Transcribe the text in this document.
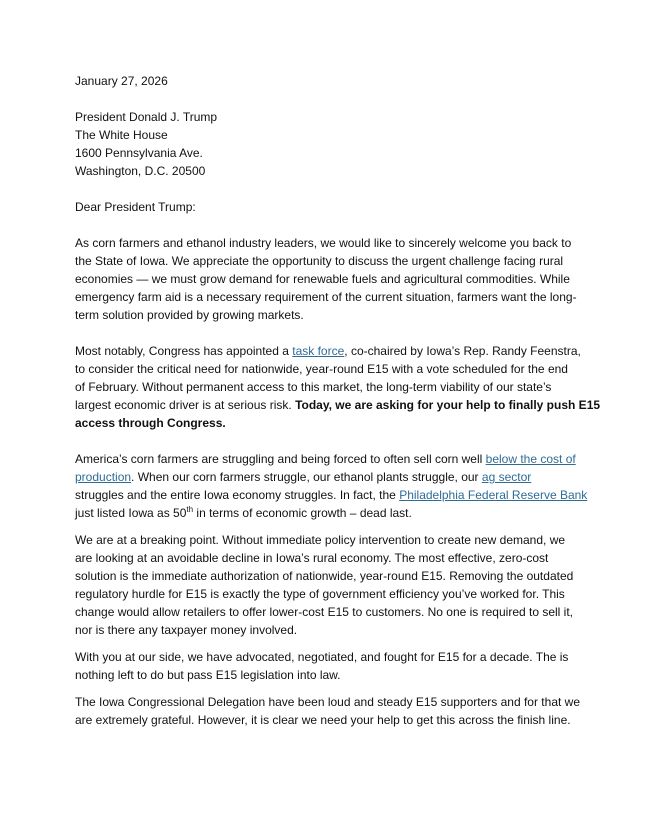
January 27, 2026
President Donald J. Trump
The White House
1600 Pennsylvania Ave.
Washington, D.C. 20500
Dear President Trump:
As corn farmers and ethanol industry leaders, we would like to sincerely welcome you back to
the State of Iowa. We appreciate the opportunity to discuss the urgent challenge facing rural
economies — we must grow demand for renewable fuels and agricultural commodities. While
emergency farm aid is a necessary requirement of the current situation, farmers want the long-
term solution provided by growing markets.
Most notably, Congress has appointed a task force, co-chaired by Iowa’s Rep. Randy Feenstra,
to consider the critical need for nationwide, year-round E15 with a vote scheduled for the end
of February. Without permanent access to this market, the long-term viability of our state’s
largest economic driver is at serious risk. Today, we are asking for your help to finally push E15
access through Congress.
America’s corn farmers are struggling and being forced to often sell corn well below the cost of
production. When our corn farmers struggle, our ethanol plants struggle, our ag sector
struggles and the entire Iowa economy struggles. In fact, the Philadelphia Federal Reserve Bank
just listed Iowa as 50th in terms of economic growth – dead last.
We are at a breaking point. Without immediate policy intervention to create new demand, we
are looking at an avoidable decline in Iowa’s rural economy. The most effective, zero-cost
solution is the immediate authorization of nationwide, year-round E15. Removing the outdated
regulatory hurdle for E15 is exactly the type of government efficiency you’ve worked for. This
change would allow retailers to offer lower-cost E15 to customers. No one is required to sell it,
nor is there any taxpayer money involved.
With you at our side, we have advocated, negotiated, and fought for E15 for a decade. The is
nothing left to do but pass E15 legislation into law.
The Iowa Congressional Delegation have been loud and steady E15 supporters and for that we
are extremely grateful. However, it is clear we need your help to get this across the finish line.
